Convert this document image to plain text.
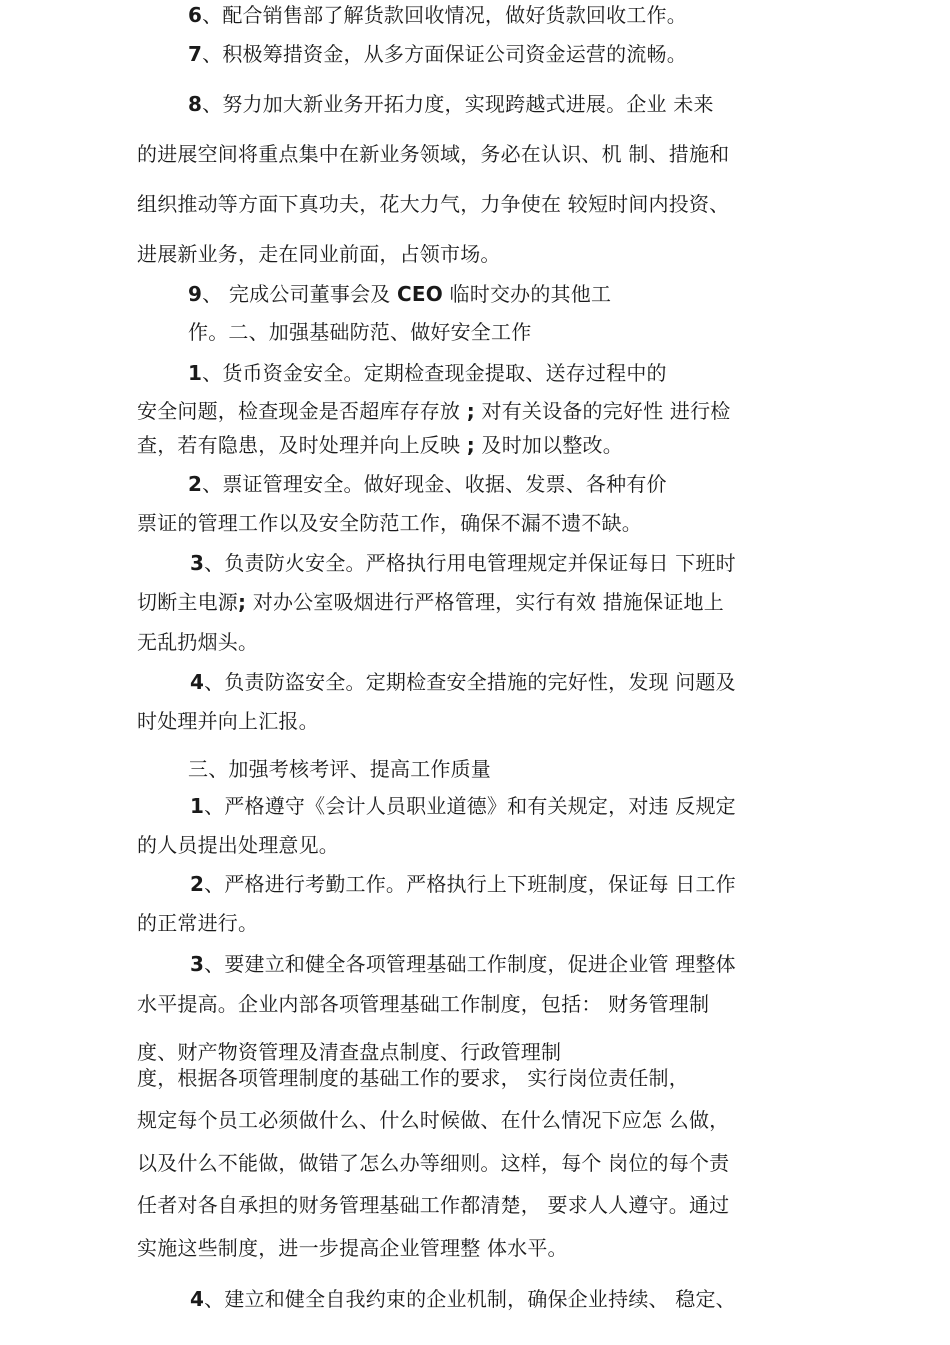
6、配合销售部了解货款回收情况，做好货款回收工作。
7、积极筹措资金，从多方面保证公司资金运营的流畅。
8、努力加大新业务开拓力度，实现跨越式进展。企业 未来
的进展空间将重点集中在新业务领域，务必在认识、机 制、措施和
组织推动等方面下真功夫，花大力气，力争使在 较短时间内投资、
进展新业务，走在同业前面，占领市场。
9、 完成公司董事会及 CEO 临时交办的其他工
作。二、加强基础防范、做好安全工作
1、货币资金安全。定期检查现金提取、送存过程中的
安全问题，检查现金是否超库存存放 ; 对有关设备的完好性 进行检
查，若有隐患，及时处理并向上反映 ; 及时加以整改。
2、票证管理安全。做好现金、收据、发票、各种有价
票证的管理工作以及安全防范工作，确保不漏不遗不缺。
3、负责防火安全。严格执行用电管理规定并保证每日 下班时
切断主电源; 对办公室吸烟进行严格管理，实行有效 措施保证地上
无乱扔烟头。
4、负责防盗安全。定期检查安全措施的完好性，发现 问题及
时处理并向上汇报。
三、加强考核考评、提高工作质量
1、严格遵守《会计人员职业道德》和有关规定，对违 反规定
的人员提出处理意见。
2、严格进行考勤工作。严格执行上下班制度，保证每 日工作
的正常进行。
3、要建立和健全各项管理基础工作制度，促进企业管 理整体
水平提高。企业内部各项管理基础工作制度，包括： 财务管理制
度、财产物资管理及清查盘点制度、行政管理制
度，根据各项管理制度的基础工作的要求， 实行岗位责任制，
规定每个员工必须做什么、什么时候做、在什么情况下应怎 么做，
以及什么不能做，做错了怎么办等细则。这样，每个 岗位的每个责
任者对各自承担的财务管理基础工作都清楚， 要求人人遵守。通过
实施这些制度，进一步提高企业管理整 体水平。
4、建立和健全自我约束的企业机制，确保企业持续、 稳定、
